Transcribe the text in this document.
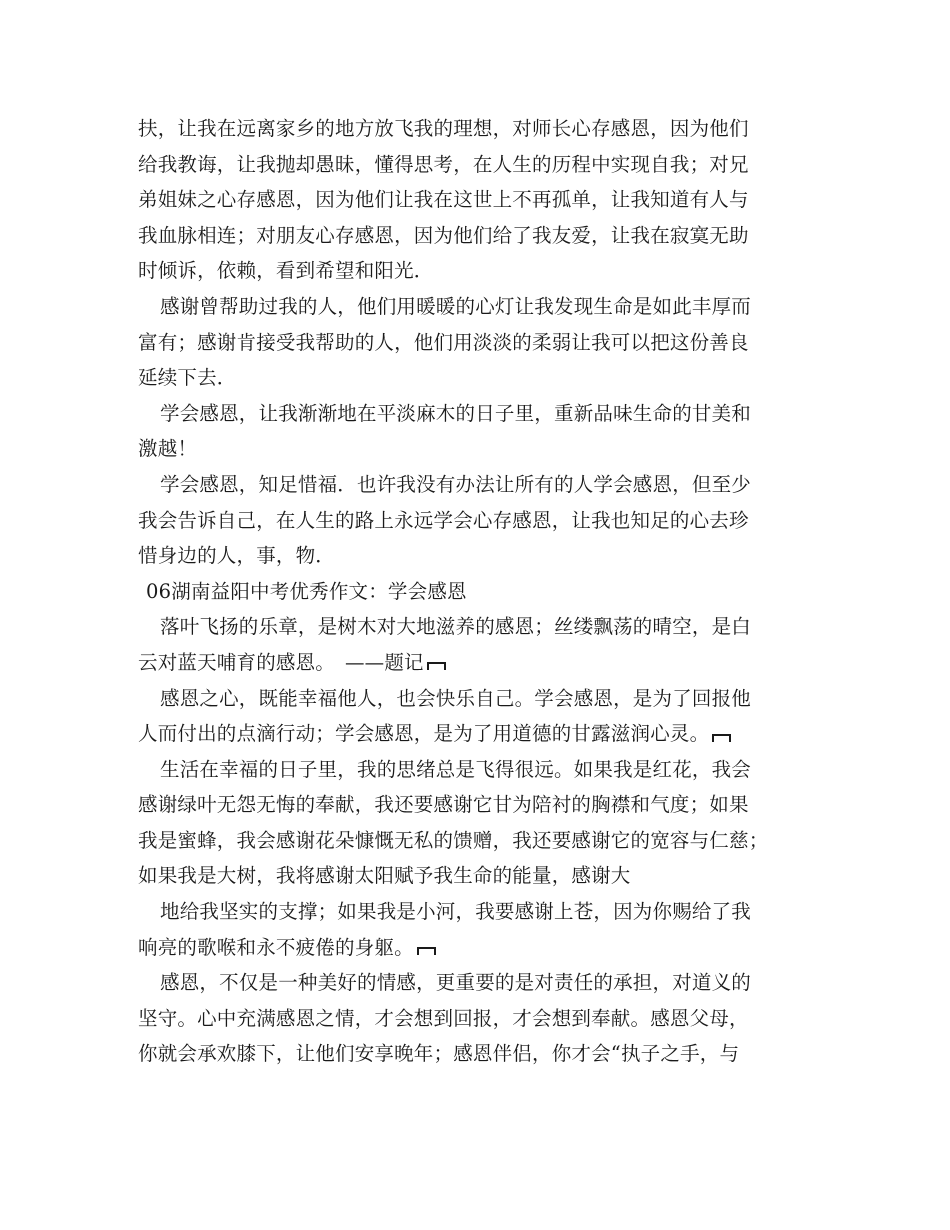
扶，让我在远离家乡的地方放飞我的理想，对师长心存感恩，因为他们
给我教诲，让我抛却愚昧，懂得思考，在人生的历程中实现自我；对兄
弟姐妹之心存感恩，因为他们让我在这世上不再孤单，让我知道有人与
我血脉相连；对朋友心存感恩，因为他们给了我友爱，让我在寂寞无助
时倾诉，依赖，看到希望和阳光．
感谢曾帮助过我的人，他们用暖暖的心灯让我发现生命是如此丰厚而
富有；感谢肯接受我帮助的人，他们用淡淡的柔弱让我可以把这份善良
延续下去．
学会感恩，让我渐渐地在平淡麻木的日子里，重新品味生命的甘美和
激越！
学会感恩，知足惜福．也许我没有办法让所有的人学会感恩，但至少
我会告诉自己，在人生的路上永远学会心存感恩，让我也知足的心去珍
惜身边的人，事，物．
06湖南益阳中考优秀作文：学会感恩
落叶飞扬的乐章，是树木对大地滋养的感恩；丝缕飘荡的晴空，是白
云对蓝天哺育的感恩。　——题记
感恩之心，既能幸福他人，也会快乐自己。学会感恩，是为了回报他
人而付出的点滴行动；学会感恩，是为了用道德的甘露滋润心灵。
生活在幸福的日子里，我的思绪总是飞得很远。如果我是红花，我会
感谢绿叶无怨无悔的奉献，我还要感谢它甘为陪衬的胸襟和气度；如果
我是蜜蜂，我会感谢花朵慷慨无私的馈赠，我还要感谢它的宽容与仁慈；
如果我是大树，我将感谢太阳赋予我生命的能量，感谢大
地给我坚实的支撑；如果我是小河，我要感谢上苍，因为你赐给了我
响亮的歌喉和永不疲倦的身躯。
感恩，不仅是一种美好的情感，更重要的是对责任的承担，对道义的
坚守。心中充满感恩之情，才会想到回报，才会想到奉献。感恩父母，
你就会承欢膝下，让他们安享晚年；感恩伴侣，你才会“执子之手，与
